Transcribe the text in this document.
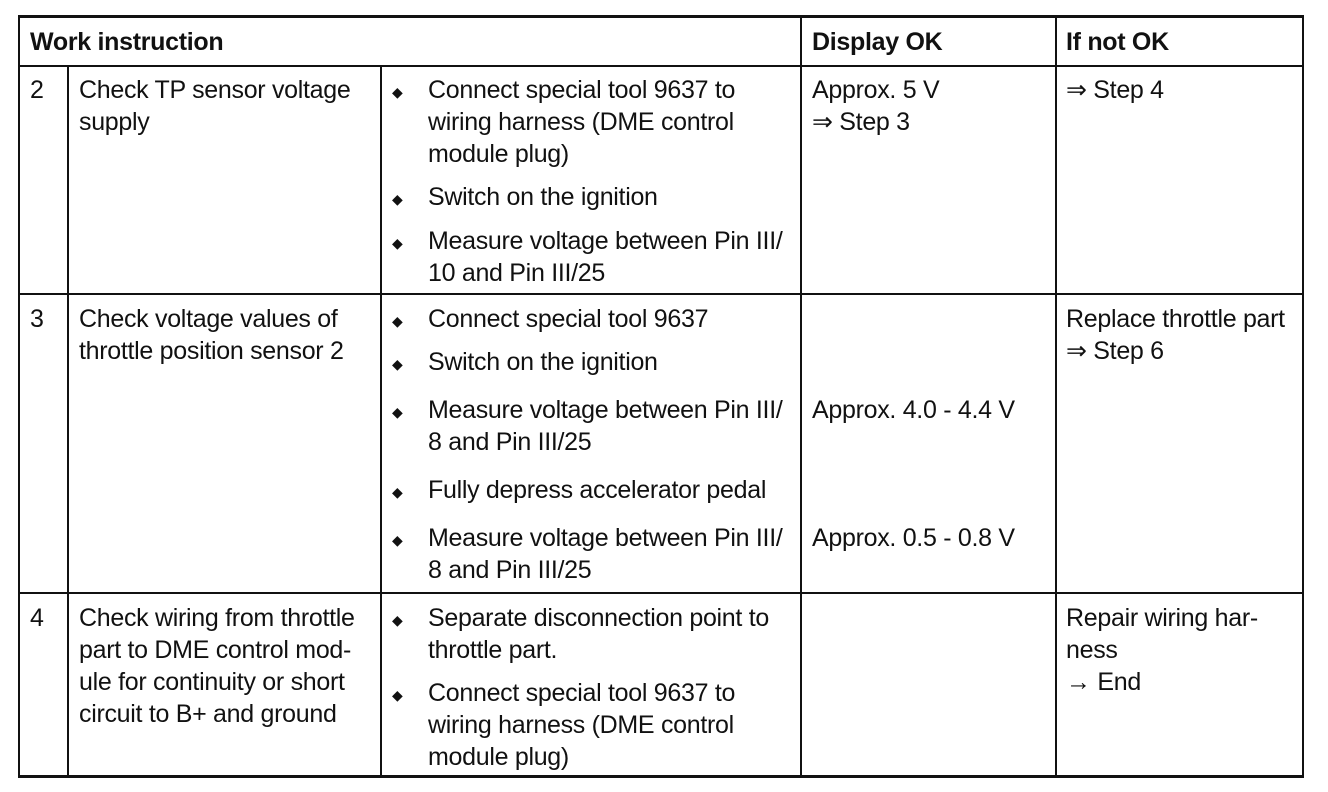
Work instruction	Display OK	If not OK
2 Check TP sensor voltage
supply
◆ Connect special tool 9637 to
wiring harness (DME control
module plug)
◆ Switch on the ignition
◆ Measure voltage between Pin III/
10 and Pin III/25
Approx. 5 V
⇒ Step 3
⇒ Step 4
3 Check voltage values of
throttle position sensor 2
◆ Connect special tool 9637
◆ Switch on the ignition
◆ Measure voltage between Pin III/
8 and Pin III/25
◆ Fully depress accelerator pedal
◆ Measure voltage between Pin III/
8 and Pin III/25
Approx. 4.0 - 4.4 V
Approx. 0.5 - 0.8 V
Replace throttle part
⇒ Step 6
4 Check wiring from throttle
part to DME control mod-
ule for continuity or short
circuit to B+ and ground
◆ Separate disconnection point to
throttle part.
◆ Connect special tool 9637 to
wiring harness (DME control
module plug)
Repair wiring har-
ness
→ End
